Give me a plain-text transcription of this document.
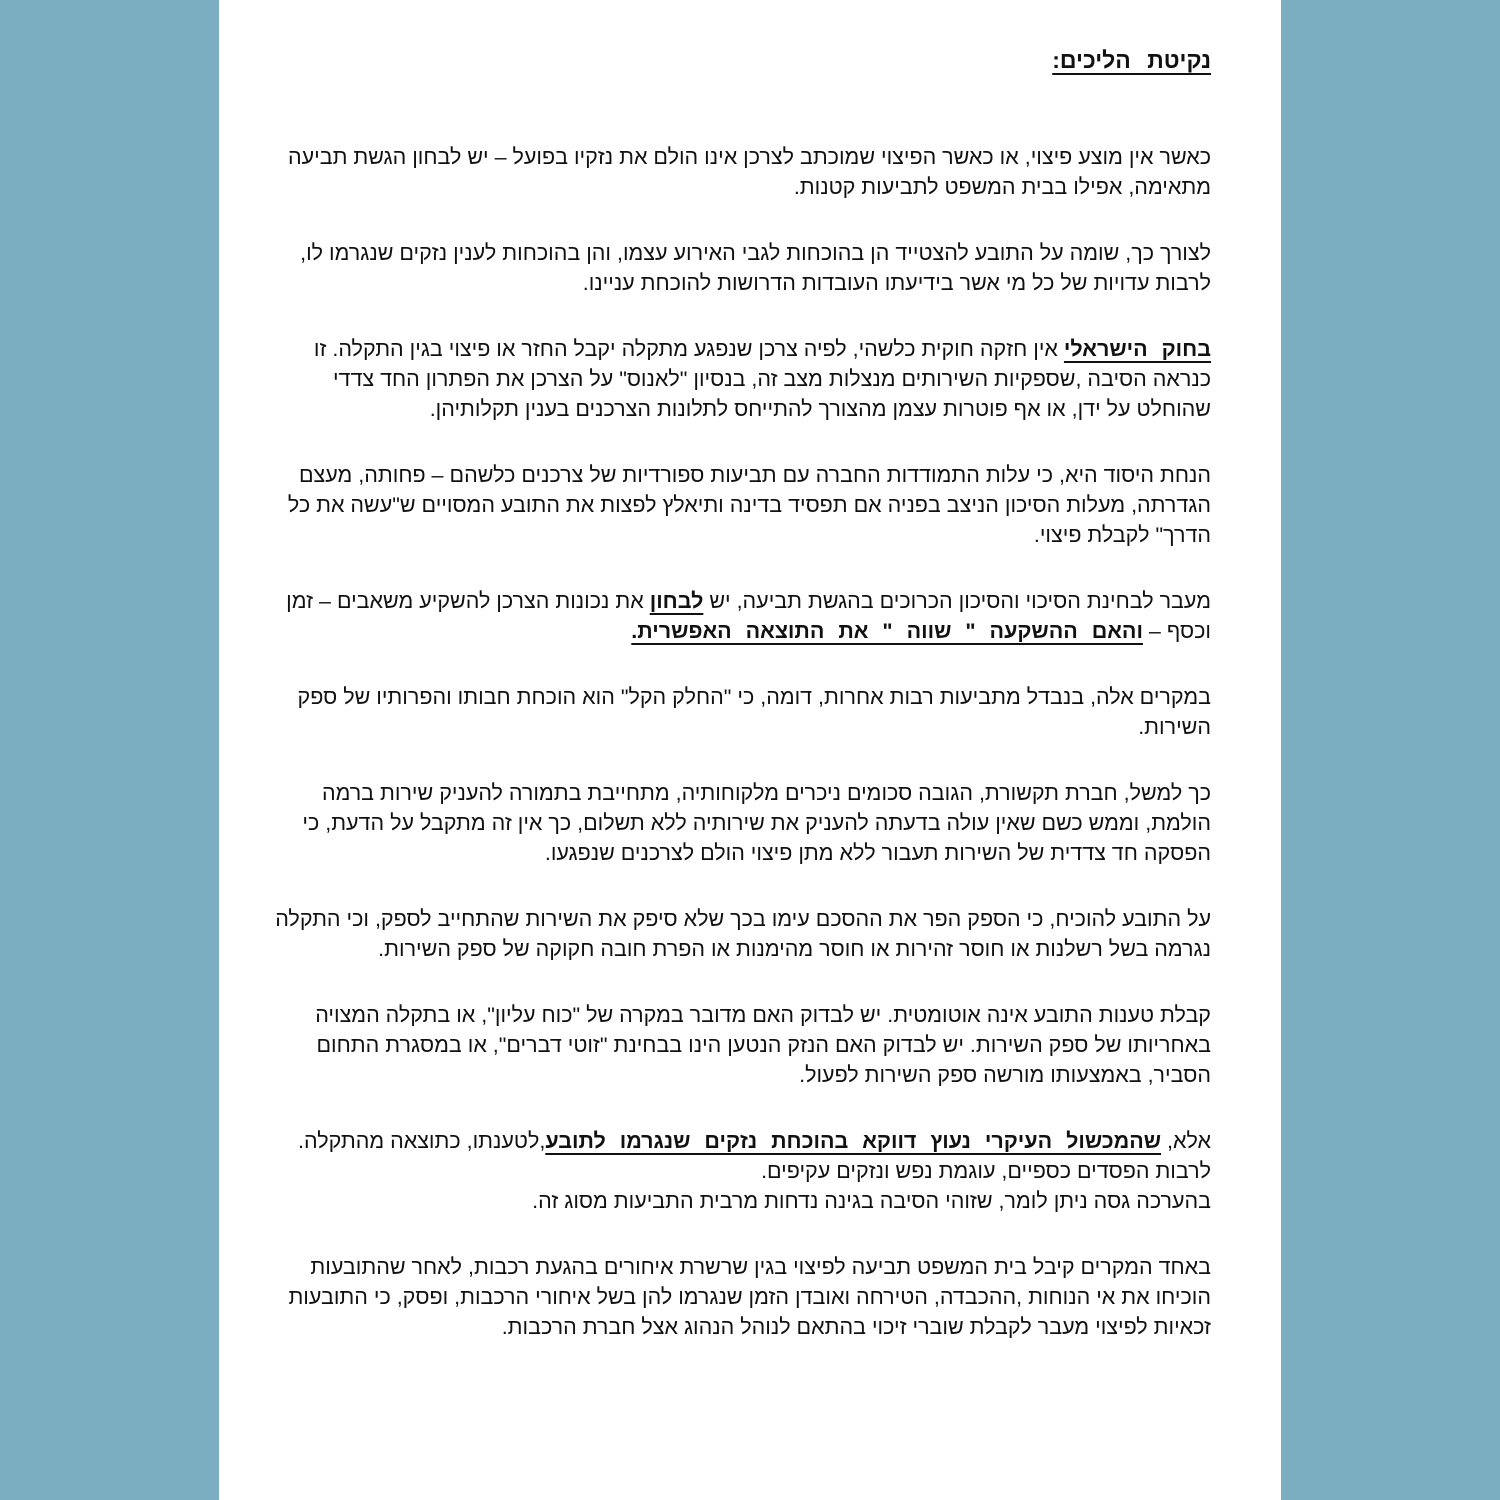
נקיטת הליכים:

כאשר אין מוצע פיצוי, או כאשר הפיצוי שמוכתב לצרכן אינו הולם את נזקיו בפועל – יש לבחון הגשת תביעה מתאימה, אפילו בבית המשפט לתביעות קטנות.

לצורך כך, שומה על התובע להצטייד הן בהוכחות לגבי האירוע עצמו, והן בהוכחות לענין נזקים שנגרמו לו, לרבות עדויות של כל מי אשר בידיעתו העובדות הדרושות להוכחת עניינו.

בחוק הישראלי אין חזקה חוקית כלשהי, לפיה צרכן שנפגע מתקלה יקבל החזר או פיצוי בגין התקלה. זו כנראה הסיבה ,שספקיות השירותים מנצלות מצב זה, בנסיון "לאנוס" על הצרכן את הפתרון החד צדדי שהוחלט על ידן, או אף פוטרות עצמן מהצורך להתייחס לתלונות הצרכנים בענין תקלותיהן.

הנחת היסוד היא, כי עלות התמודדות החברה עם תביעות ספורדיות של צרכנים כלשהם – פחותה, מעצם הגדרתה, מעלות הסיכון הניצב בפניה אם תפסיד בדינה ותיאלץ לפצות את התובע המסויים ש"עשה את כל הדרך" לקבלת פיצוי.

מעבר לבחינת הסיכוי והסיכון הכרוכים בהגשת תביעה, יש לבחון את נכונות הצרכן להשקיע משאבים – זמן וכסף – והאם ההשקעה " שווה " את התוצאה האפשרית.

במקרים אלה, בנבדל מתביעות רבות אחרות, דומה, כי "החלק הקל" הוא הוכחת חבותו והפרותיו של ספק השירות.

כך למשל, חברת תקשורת, הגובה סכומים ניכרים מלקוחותיה, מתחייבת בתמורה להעניק שירות ברמה הולמת, וממש כשם שאין עולה בדעתה להעניק את שירותיה ללא תשלום, כך אין זה מתקבל על הדעת, כי הפסקה חד צדדית של השירות תעבור ללא מתן פיצוי הולם לצרכנים שנפגעו.

על התובע להוכיח, כי הספק הפר את ההסכם עימו בכך שלא סיפק את השירות שהתחייב לספק, וכי התקלה נגרמה בשל רשלנות או חוסר זהירות או חוסר מהימנות או הפרת חובה חקוקה של ספק השירות.

קבלת טענות התובע אינה אוטומטית. יש לבדוק האם מדובר במקרה של "כוח עליון", או בתקלה המצויה באחריותו של ספק השירות. יש לבדוק האם הנזק הנטען הינו בבחינת "זוטי דברים", או במסגרת התחום הסביר, באמצעותו מורשה ספק השירות לפעול.

אלא, שהמכשול העיקרי נעוץ דווקא בהוכחת נזקים שנגרמו לתובע,לטענתו, כתוצאה מהתקלה. לרבות הפסדים כספיים, עוגמת נפש ונזקים עקיפים.

בהערכה גסה ניתן לומר, שזוהי הסיבה בגינה נדחות מרבית התביעות מסוג זה.

באחד המקרים קיבל בית המשפט תביעה לפיצוי בגין שרשרת איחורים בהגעת רכבות, לאחר שהתובעות הוכיחו את אי הנוחות ,ההכבדה, הטירחה ואובדן הזמן שנגרמו להן בשל איחורי הרכבות, ופסק, כי התובעות זכאיות לפיצוי מעבר לקבלת שוברי זיכוי בהתאם לנוהל הנהוג אצל חברת הרכבות.
